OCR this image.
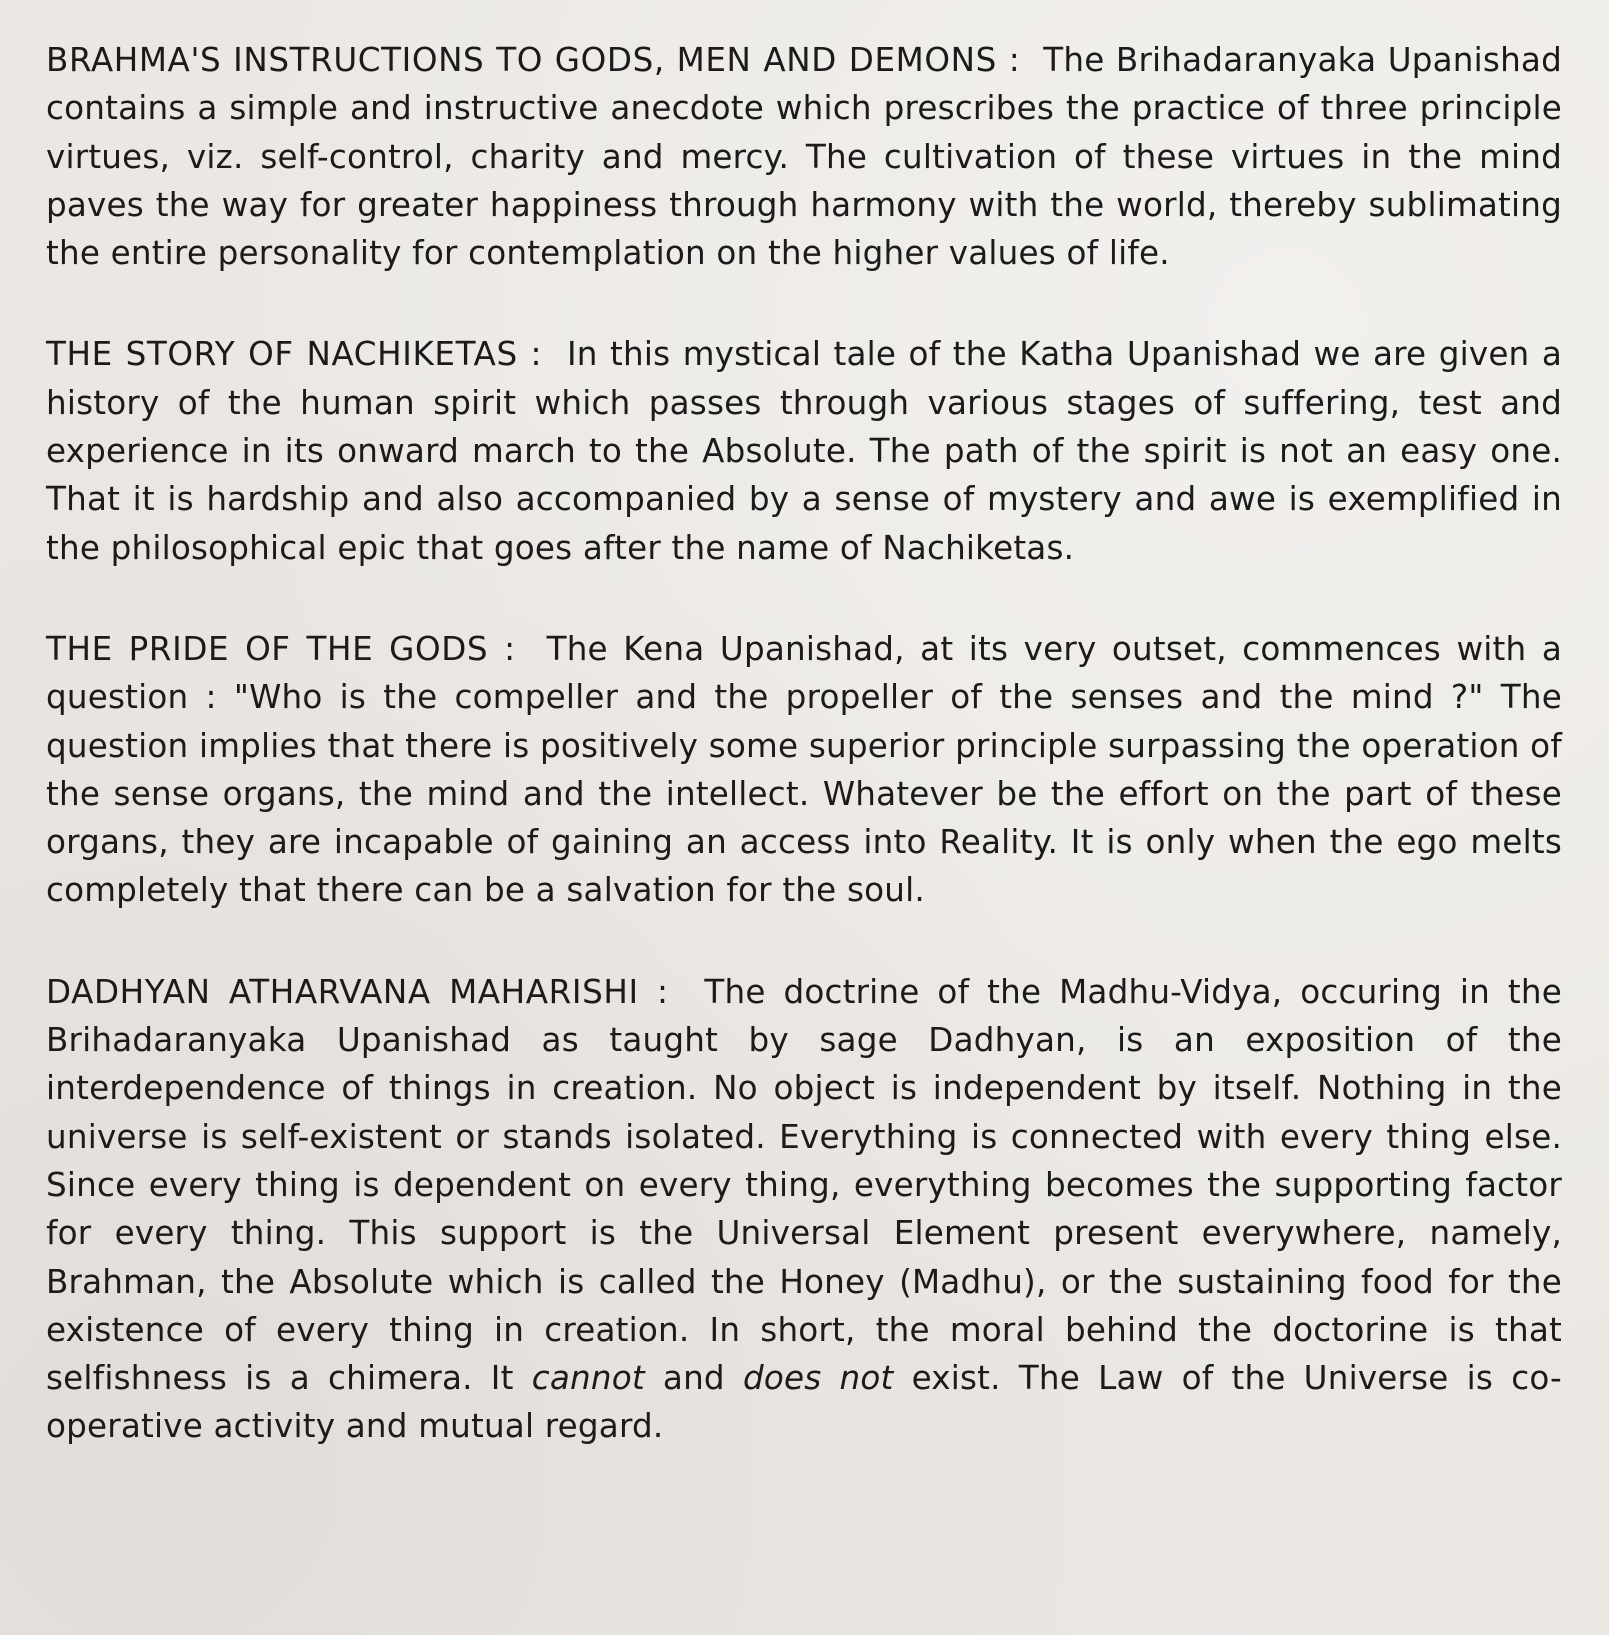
BRAHMA'S INSTRUCTIONS TO GODS, MEN AND DEMONS : The Brihadaranyaka Upanishad contains a simple and instructive anecdote which prescribes the practice of three principle virtues, viz. self-control, charity and mercy. The cultivation of these virtues in the mind paves the way for greater happiness through harmony with the world, thereby sublimating the entire personality for contemplation on the higher values of life.

THE STORY OF NACHIKETAS : In this mystical tale of the Katha Upanishad we are given a history of the human spirit which passes through various stages of suffering, test and experience in its onward march to the Absolute. The path of the spirit is not an easy one. That it is hardship and also accompanied by a sense of mystery and awe is exemplified in the philosophical epic that goes after the name of Nachiketas.

THE PRIDE OF THE GODS : The Kena Upanishad, at its very outset, commences with a question : "Who is the compeller and the propeller of the senses and the mind ?" The question implies that there is positively some superior principle surpassing the operation of the sense organs, the mind and the intellect. Whatever be the effort on the part of these organs, they are incapable of gaining an access into Reality. It is only when the ego melts completely that there can be a salvation for the soul.

DADHYAN ATHARVANA MAHARISHI : The doctrine of the Madhu-Vidya, occuring in the Brihadaranyaka Upanishad as taught by sage Dadhyan, is an exposition of the interdependence of things in creation. No object is independent by itself. Nothing in the universe is self-existent or stands isolated. Everything is connected with every thing else. Since every thing is dependent on every thing, everything becomes the supporting factor for every thing. This support is the Universal Element present everywhere, namely, Brahman, the Absolute which is called the Honey (Madhu), or the sustaining food for the existence of every thing in creation. In short, the moral behind the doctorine is that selfishness is a chimera. It cannot and does not exist. The Law of the Universe is co-operative activity and mutual regard.
